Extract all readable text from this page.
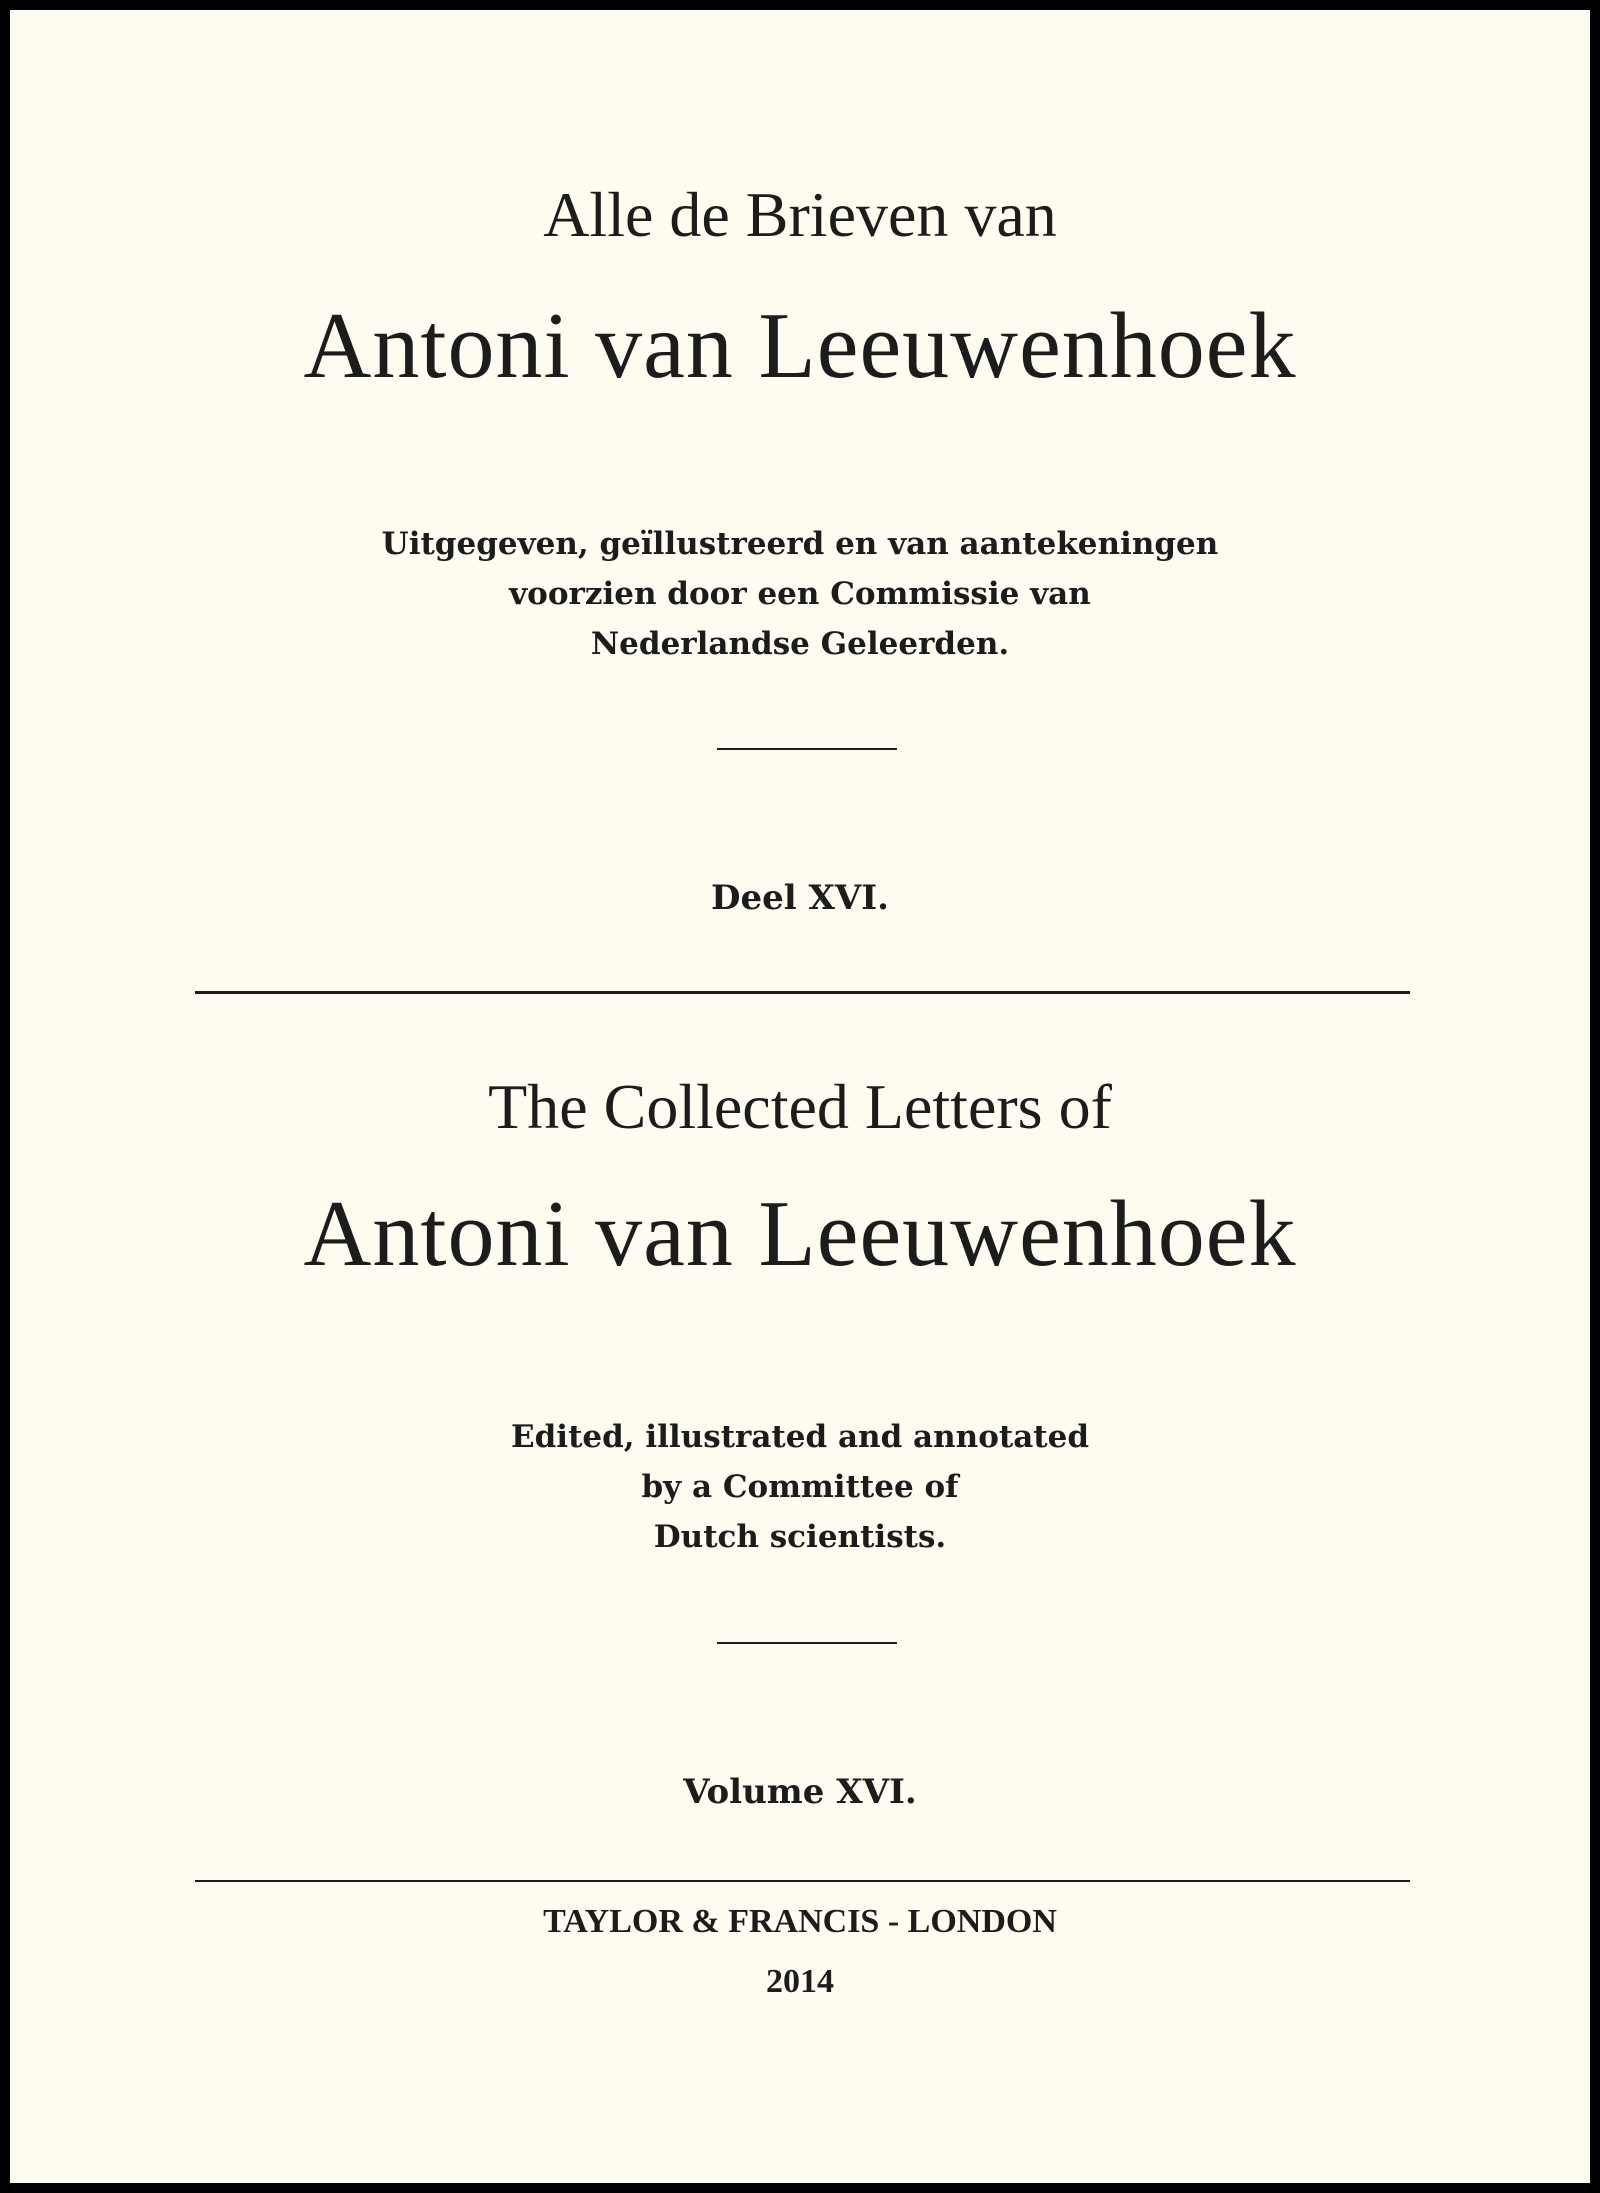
Alle de Brieven van
Antoni van Leeuwenhoek
Uitgegeven, geïllustreerd en van aantekeningen
voorzien door een Commissie van
Nederlandse Geleerden.
Deel XVI.
The Collected Letters of
Antoni van Leeuwenhoek
Edited, illustrated and annotated
by a Committee of
Dutch scientists.
Volume XVI.
TAYLOR & FRANCIS - LONDON
2014
